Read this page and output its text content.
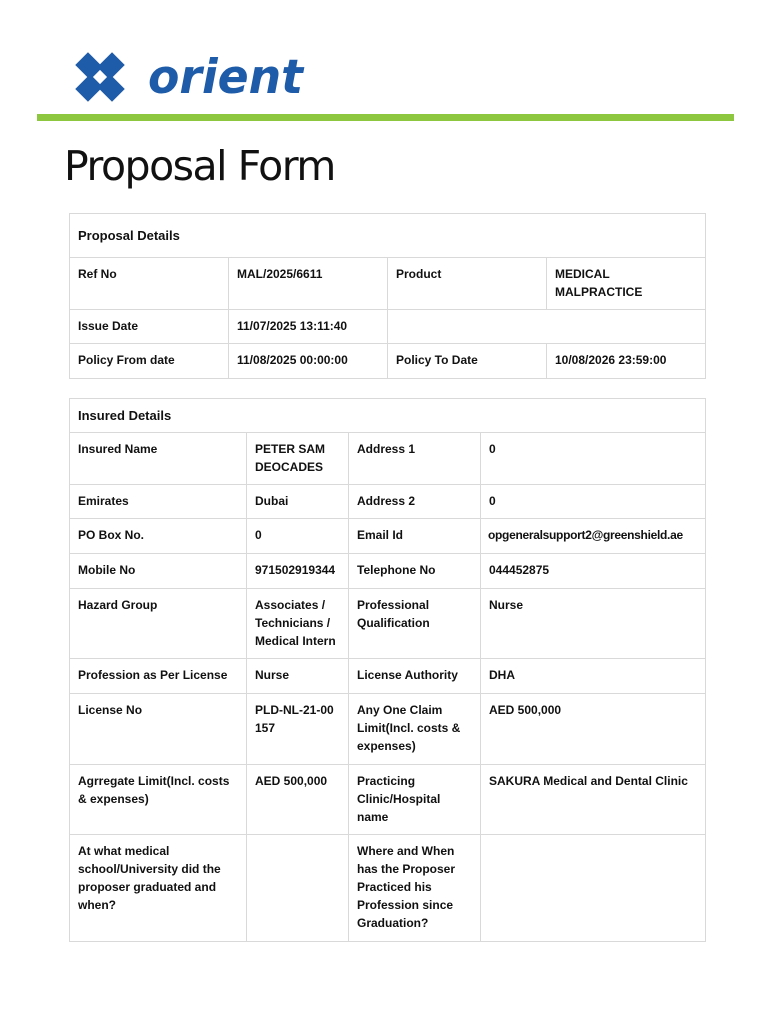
orient
Proposal Form
Proposal Details			
Ref No	MAL/2025/6611	Product	MEDICAL MALPRACTICE
Issue Date	11/07/2025 13:11:40		
Policy From date	11/08/2025 00:00:00	Policy To Date	10/08/2026 23:59:00
Insured Details			
Insured Name	PETER SAM DEOCADES	Address 1	0
Emirates	Dubai	Address 2	0
PO Box No.	0	Email Id	opgeneralsupport2@greenshield.ae
Mobile No	971502919344	Telephone No	044452875
Hazard Group	Associates / Technicians / Medical Intern	Professional Qualification	Nurse
Profession as Per License	Nurse	License Authority	DHA
License No	PLD-NL-21-00157	Any One Claim Limit(Incl. costs & expenses)	AED 500,000
Agrregate Limit(Incl. costs & expenses)	AED 500,000	Practicing Clinic/Hospital name	SAKURA Medical and Dental Clinic
At what medical school/University did the proposer graduated and when?		Where and When has the Proposer Practiced his Profession since Graduation?	
